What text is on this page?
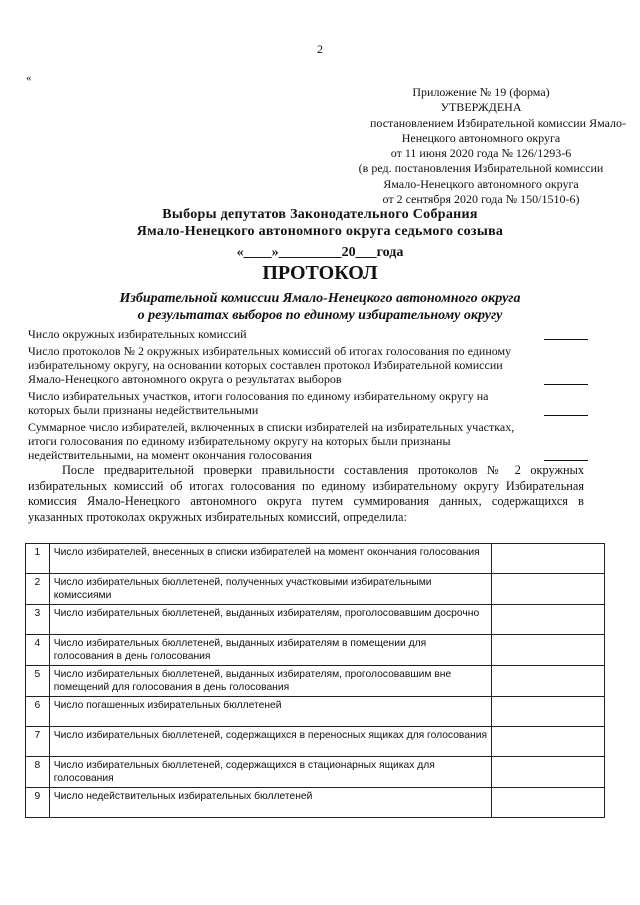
2
«
Приложение № 19 (форма)
УТВЕРЖДЕНА
постановлением Избирательной комиссии Ямало-
Ненецкого автономного округа
от 11 июня 2020 года № 126/1293-6
(в ред. постановления Избирательной комиссии
Ямало-Ненецкого автономного округа
от 2 сентября 2020 года № 150/1510-6)
Выборы депутатов Законодательного Собрания
Ямало-Ненецкого автономного округа седьмого созыва
«____»_________20___года
ПРОТОКОЛ
Избирательной комиссии Ямало-Ненецкого автономного округа
о результатах выборов по единому избирательному округу
Число окружных избирательных комиссий
Число протоколов № 2 окружных избирательных комиссий об итогах голосования по единому избирательному округу, на основании которых составлен протокол Избирательной комиссии Ямало-Ненецкого автономного округа о результатах выборов
Число избирательных участков, итоги голосования по единому избирательному округу на которых были признаны недействительными
Суммарное число избирателей, включенных в списки избирателей на избирательных участках, итоги голосования по единому избирательному округу на которых были признаны недействительными, на момент окончания голосования
После предварительной проверки правильности составления протоколов № 2 окружных избирательных комиссий об итогах голосования по единому избирательному округу Избирательная комиссия Ямало-Ненецкого автономного округа путем суммирования данных, содержащихся в указанных протоколах окружных избирательных комиссий, определила:
1	Число избирателей, внесенных в списки избирателей на момент окончания голосования	
2	Число избирательных бюллетеней, полученных участковыми избирательными комиссиями	
3	Число избирательных бюллетеней, выданных избирателям, проголосовавшим досрочно	
4	Число избирательных бюллетеней, выданных избирателям в помещении для голосования в день голосования	
5	Число избирательных бюллетеней, выданных избирателям, проголосовавшим вне помещений для голосования в день голосования	
6	Число погашенных избирательных бюллетеней	
7	Число избирательных бюллетеней, содержащихся в переносных ящиках для голосования	
8	Число избирательных бюллетеней, содержащихся в стационарных ящиках для голосования	
9	Число недействительных избирательных бюллетеней	
